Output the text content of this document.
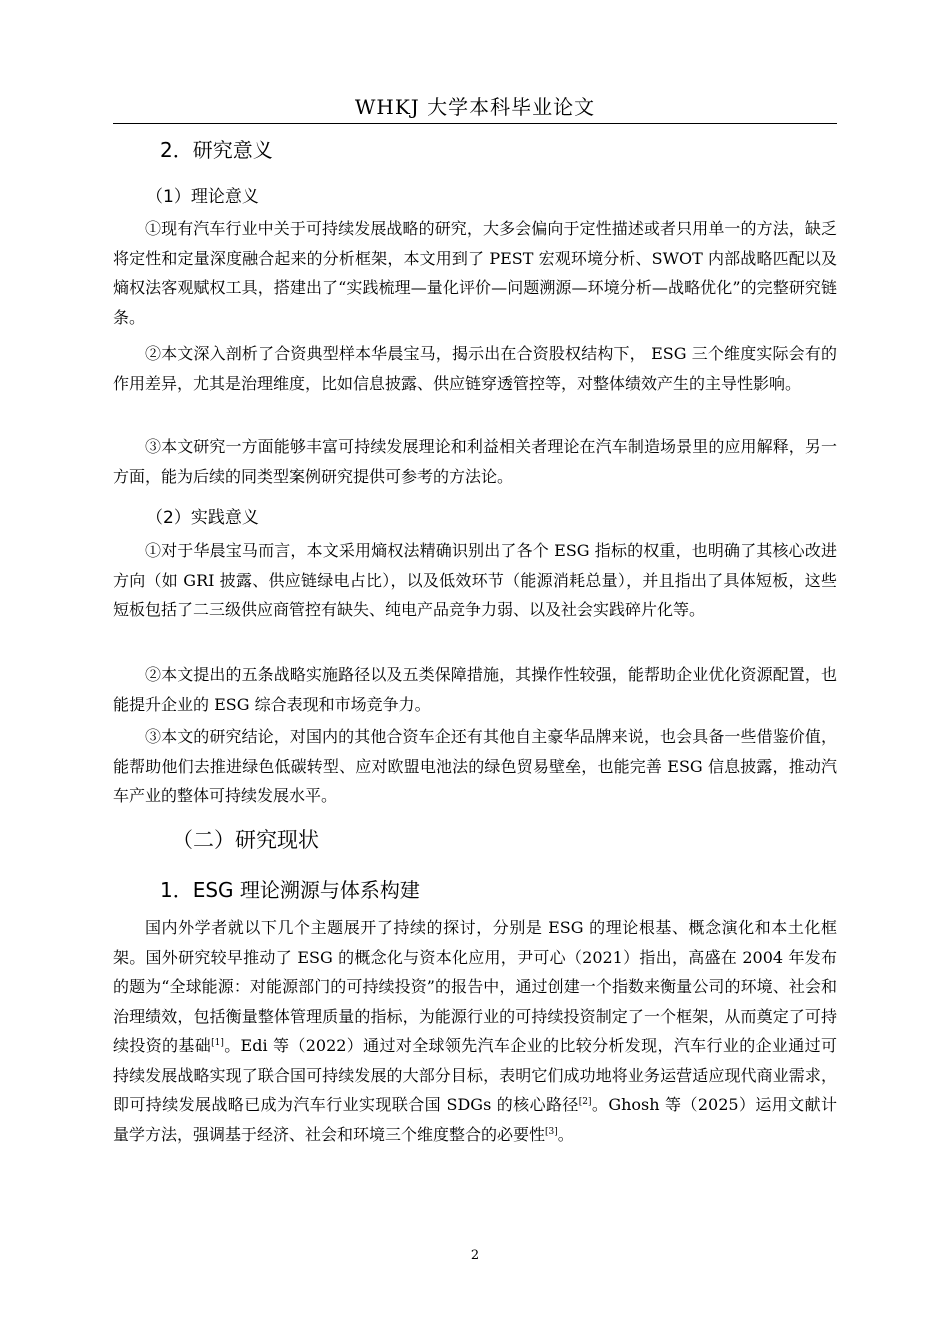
WHKJ 大学本科毕业论文
2．研究意义
（1）理论意义

①现有汽车行业中关于可持续发展战略的研究，大多会偏向于定性描述或者只用单一的方法，缺乏将定性和定量深度融合起来的分析框架，本文用到了 PEST 宏观环境分析、SWOT 内部战略匹配以及熵权法客观赋权工具，搭建出了“实践梳理—量化评价—问题溯源—环境分析—战略优化”的完整研究链条。

②本文深入剖析了合资典型样本华晨宝马，揭示出在合资股权结构下， ESG 三个维度实际会有的作用差异，尤其是治理维度，比如信息披露、供应链穿透管控等，对整体绩效产生的主导性影响。

③本文研究一方面能够丰富可持续发展理论和利益相关者理论在汽车制造场景里的应用解释，另一方面，能为后续的同类型案例研究提供可参考的方法论。

（2）实践意义

①对于华晨宝马而言，本文采用熵权法精确识别出了各个 ESG 指标的权重，也明确了其核心改进方向（如 GRI 披露、供应链绿电占比），以及低效环节（能源消耗总量），并且指出了具体短板，这些短板包括了二三级供应商管控有缺失、纯电产品竞争力弱、以及社会实践碎片化等。

②本文提出的五条战略实施路径以及五类保障措施，其操作性较强，能帮助企业优化资源配置，也能提升企业的 ESG 综合表现和市场竞争力。

③本文的研究结论，对国内的其他合资车企还有其他自主豪华品牌来说，也会具备一些借鉴价值，能帮助他们去推进绿色低碳转型、应对欧盟电池法的绿色贸易壁垒，也能完善 ESG 信息披露，推动汽车产业的整体可持续发展水平。

（二）研究现状
1．ESG 理论溯源与体系构建

国内外学者就以下几个主题展开了持续的探讨，分别是 ESG 的理论根基、概念演化和本土化框架。国外研究较早推动了 ESG 的概念化与资本化应用，尹可心（2021）指出，高盛在 2004 年发布的题为“全球能源：对能源部门的可持续投资”的报告中，通过创建一个指数来衡量公司的环境、社会和治理绩效，包括衡量整体管理质量的指标，为能源行业的可持续投资制定了一个框架，从而奠定了可持续投资的基础[1]。Edi 等（2022）通过对全球领先汽车企业的比较分析发现，汽车行业的企业通过可持续发展战略实现了联合国可持续发展的大部分目标，表明它们成功地将业务运营适应现代商业需求，即可持续发展战略已成为汽车行业实现联合国 SDGs 的核心路径[2]。Ghosh 等（2025）运用文献计量学方法，强调基于经济、社会和环境三个维度整合的必要性[3]。

2
